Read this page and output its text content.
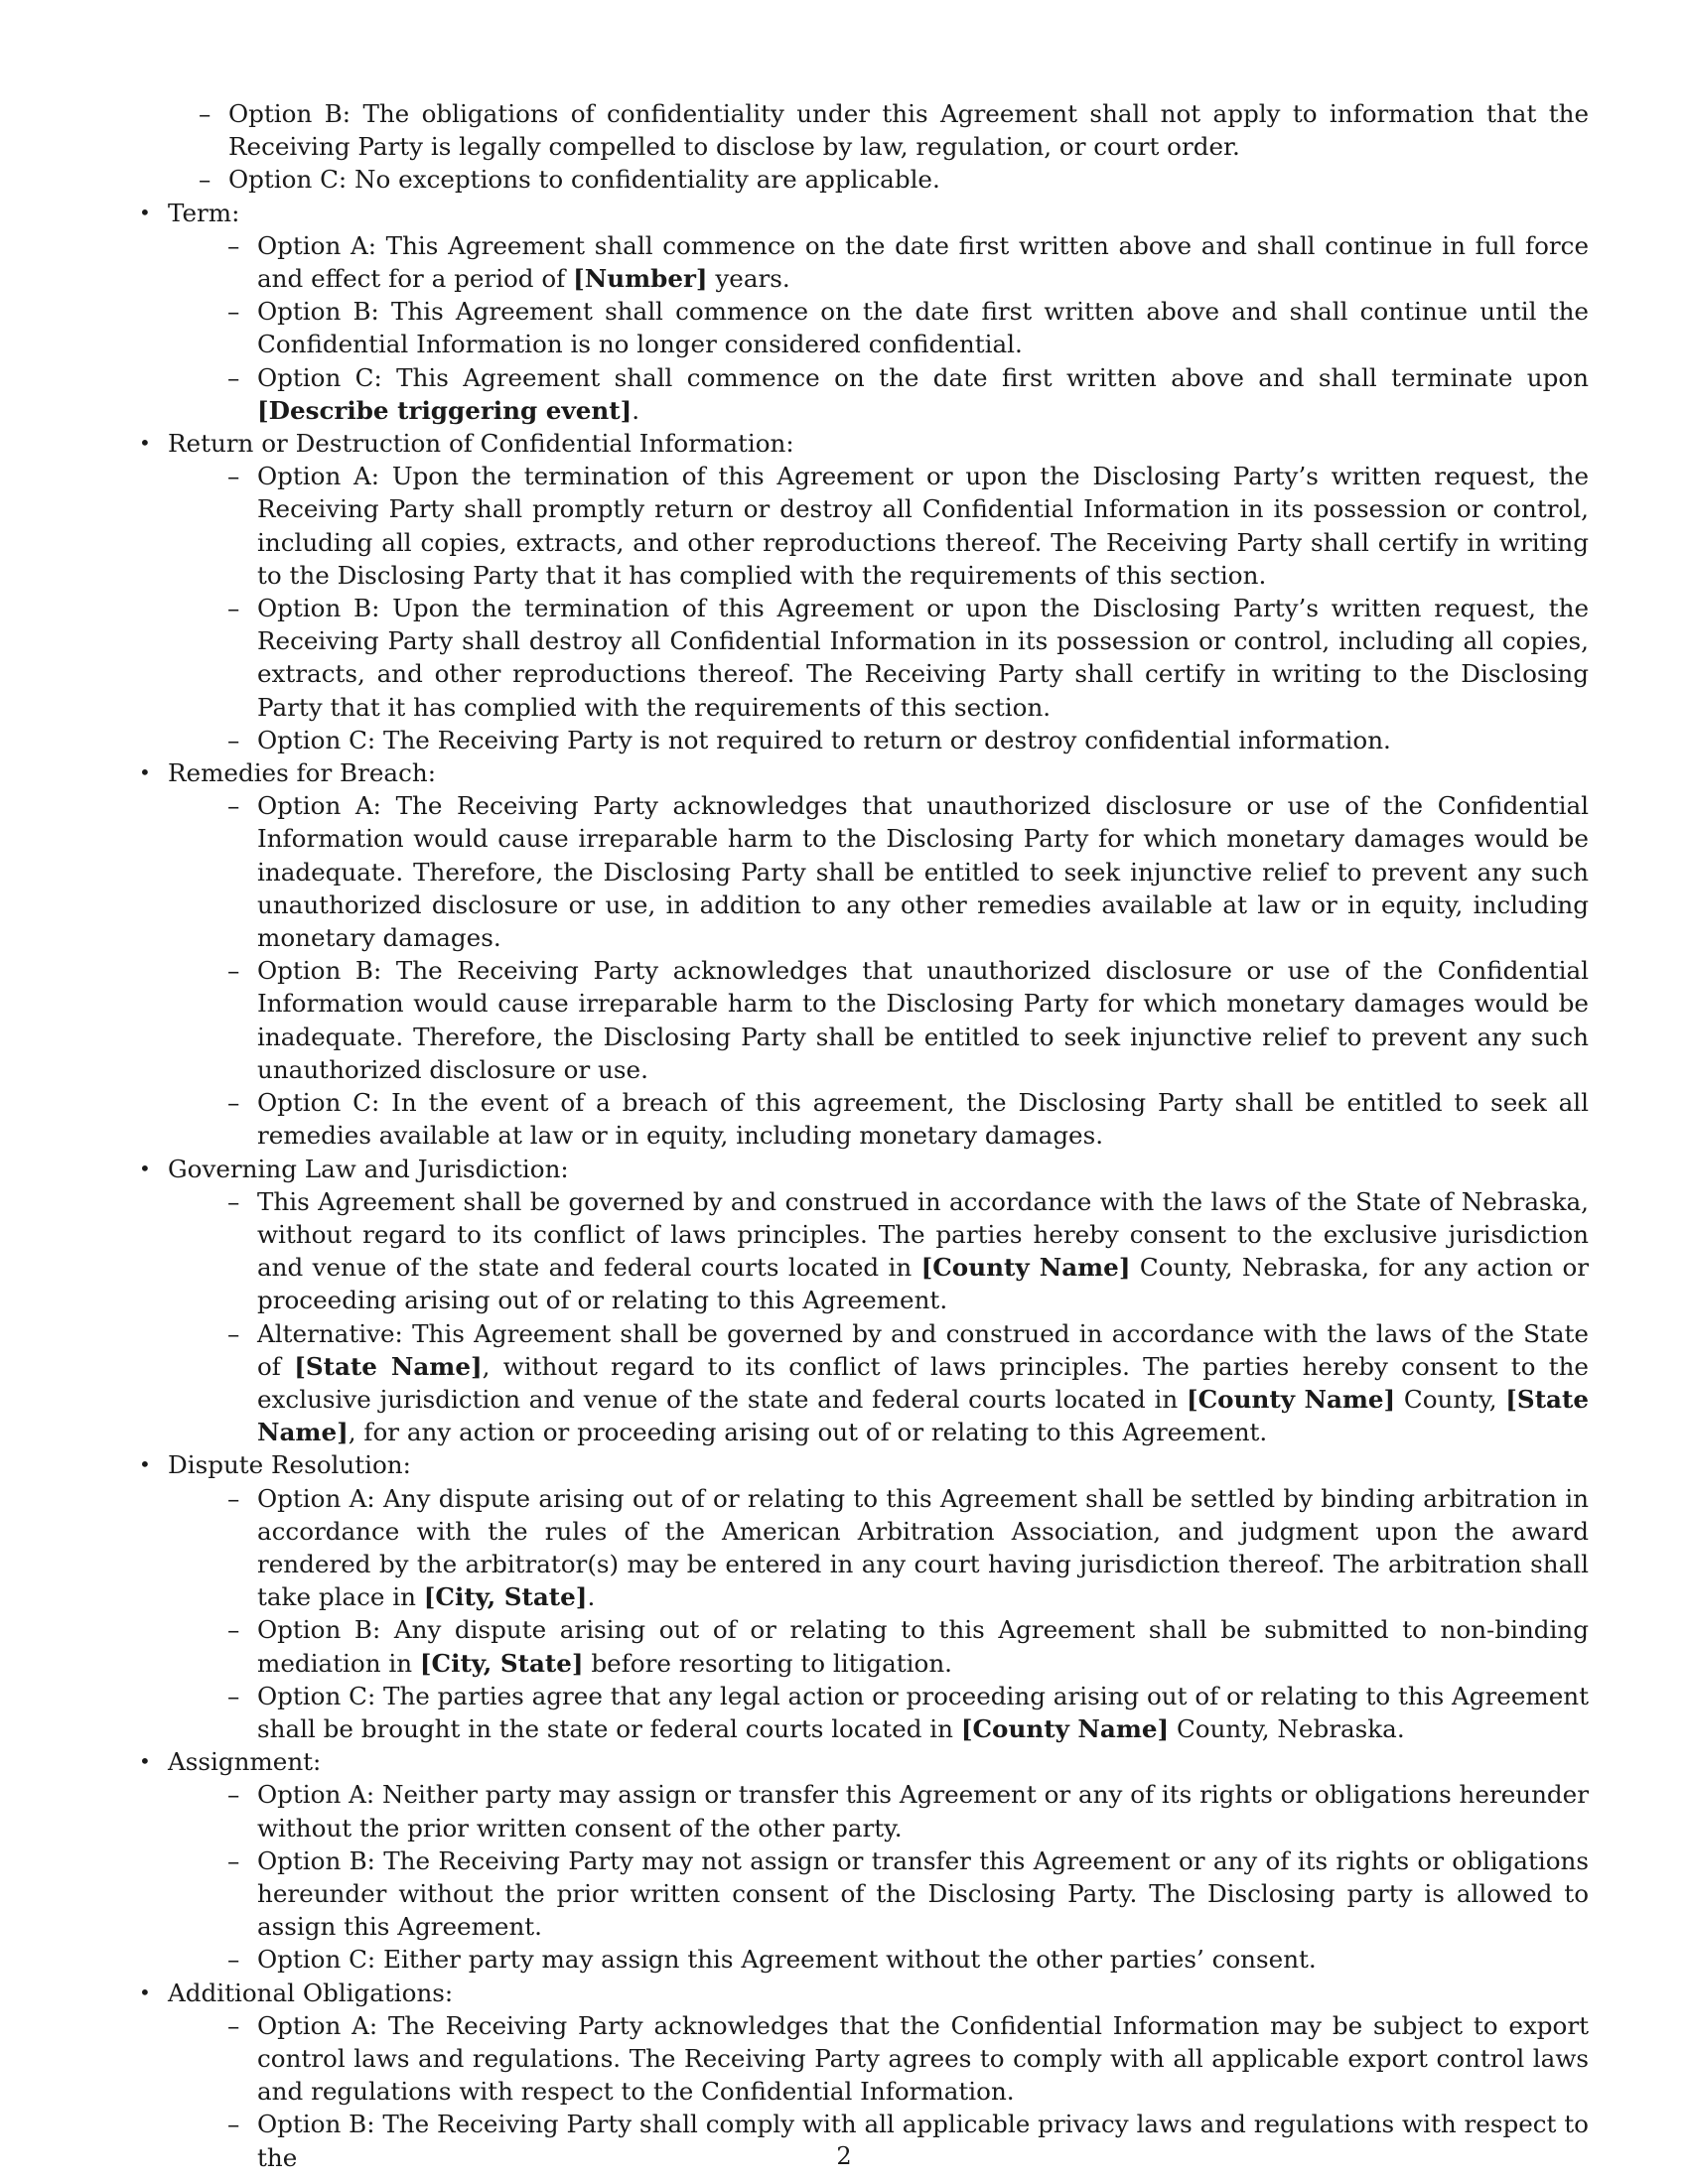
– Option B: The obligations of confidentiality under this Agreement shall not apply to information that the Receiving Party is legally compelled to disclose by law, regulation, or court order.
– Option C: No exceptions to confidentiality are applicable.
• Term:
– Option A: This Agreement shall commence on the date first written above and shall continue in full force and effect for a period of [Number] years.
– Option B: This Agreement shall commence on the date first written above and shall continue until the Confidential Information is no longer considered confidential.
– Option C: This Agreement shall commence on the date first written above and shall terminate upon [Describe triggering event].
• Return or Destruction of Confidential Information:
– Option A: Upon the termination of this Agreement or upon the Disclosing Party’s written request, the Receiving Party shall promptly return or destroy all Confidential Information in its possession or control, including all copies, extracts, and other reproductions thereof. The Receiving Party shall certify in writing to the Disclosing Party that it has complied with the requirements of this section.
– Option B: Upon the termination of this Agreement or upon the Disclosing Party’s written request, the Receiving Party shall destroy all Confidential Information in its possession or control, including all copies, extracts, and other reproductions thereof. The Receiving Party shall certify in writing to the Disclosing Party that it has complied with the requirements of this section.
– Option C: The Receiving Party is not required to return or destroy confidential information.
• Remedies for Breach:
– Option A: The Receiving Party acknowledges that unauthorized disclosure or use of the Confidential Information would cause irreparable harm to the Disclosing Party for which monetary damages would be inadequate. Therefore, the Disclosing Party shall be entitled to seek injunctive relief to prevent any such unauthorized disclosure or use, in addition to any other remedies available at law or in equity, including monetary damages.
– Option B: The Receiving Party acknowledges that unauthorized disclosure or use of the Confidential Information would cause irreparable harm to the Disclosing Party for which monetary damages would be inadequate. Therefore, the Disclosing Party shall be entitled to seek injunctive relief to prevent any such unauthorized disclosure or use.
– Option C: In the event of a breach of this agreement, the Disclosing Party shall be entitled to seek all remedies available at law or in equity, including monetary damages.
• Governing Law and Jurisdiction:
– This Agreement shall be governed by and construed in accordance with the laws of the State of Nebraska, without regard to its conflict of laws principles. The parties hereby consent to the exclusive jurisdiction and venue of the state and federal courts located in [County Name] County, Nebraska, for any action or proceeding arising out of or relating to this Agreement.
– Alternative: This Agreement shall be governed by and construed in accordance with the laws of the State of [State Name], without regard to its conflict of laws principles. The parties hereby consent to the exclusive jurisdiction and venue of the state and federal courts located in [County Name] County, [State Name], for any action or proceeding arising out of or relating to this Agreement.
• Dispute Resolution:
– Option A: Any dispute arising out of or relating to this Agreement shall be settled by binding arbitration in accordance with the rules of the American Arbitration Association, and judgment upon the award rendered by the arbitrator(s) may be entered in any court having jurisdiction thereof. The arbitration shall take place in [City, State].
– Option B: Any dispute arising out of or relating to this Agreement shall be submitted to non-binding mediation in [City, State] before resorting to litigation.
– Option C: The parties agree that any legal action or proceeding arising out of or relating to this Agreement shall be brought in the state or federal courts located in [County Name] County, Nebraska.
• Assignment:
– Option A: Neither party may assign or transfer this Agreement or any of its rights or obligations hereunder without the prior written consent of the other party.
– Option B: The Receiving Party may not assign or transfer this Agreement or any of its rights or obligations hereunder without the prior written consent of the Disclosing Party. The Disclosing party is allowed to assign this Agreement.
– Option C: Either party may assign this Agreement without the other parties’ consent.
• Additional Obligations:
– Option A: The Receiving Party acknowledges that the Confidential Information may be subject to export control laws and regulations. The Receiving Party agrees to comply with all applicable export control laws and regulations with respect to the Confidential Information.
– Option B: The Receiving Party shall comply with all applicable privacy laws and regulations with respect to the	2
